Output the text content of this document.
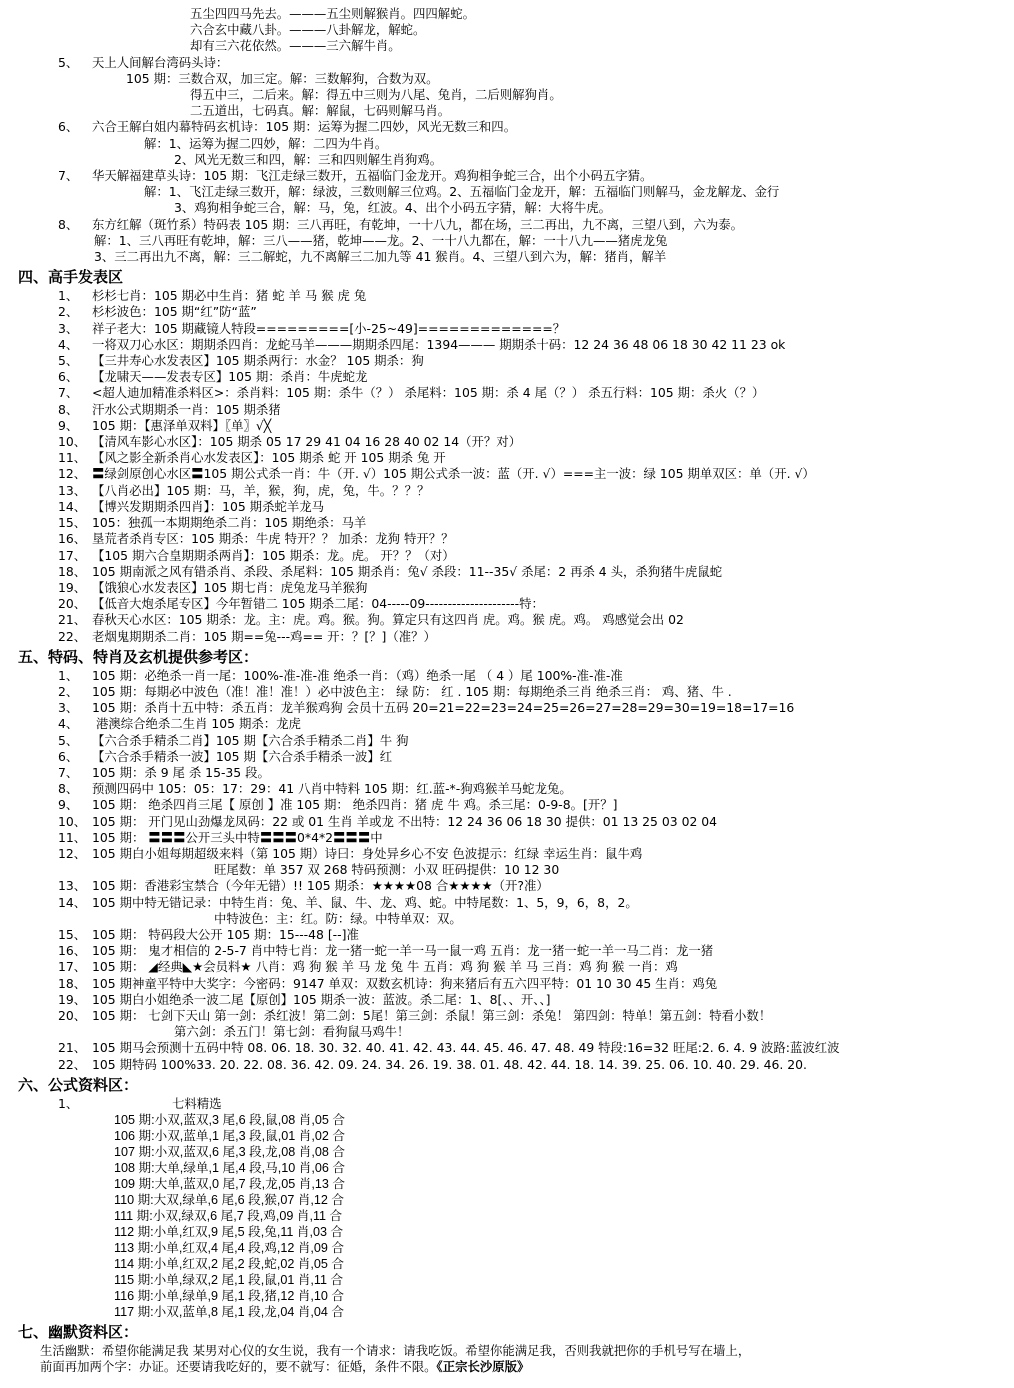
五尘四四马先去。———五尘则解猴肖。四四解蛇。
六合玄中藏八卦。———八卦解龙，解蛇。
却有三六花依然。———三六解牛肖。
5、 天上人间解台湾码头诗：
105 期：三数合双，加三定。解：三数解狗，合数为双。
得五中三，二后来。解：得五中三则为八尾、兔肖，二后则解狗肖。
二五道出，七码真。解：解鼠，七码则解马肖。
6、 六合王解白姐内幕特码玄机诗：105 期：运筹为握二四妙，风光无数三和四。
解：1、运筹为握二四妙，解：二四为牛肖。
2、风光无数三和四，解：三和四则解生肖狗鸡。
7、 华天解福建草头诗：105 期：飞江走绿三数开，五福临门金龙开。鸡狗相争蛇三合，出个小码五字猜。
解：1、飞江走绿三数开，解：绿波，三数则解三位鸡。2、五福临门金龙开，解：五福临门则解马，金龙解龙、金行
3、鸡狗相争蛇三合，解：马，兔，红波。4、出个小码五字猜，解：大将牛虎。
8、 东方红解（斑竹系）特码表 105 期：三八再旺，有乾坤，一十八九，都在场，三二再出，九不离，三望八到，六为泰。
解：1、三八再旺有乾坤，解：三八——猪，乾坤——龙。2、一十八九都在，解：一十八九——猪虎龙兔
3、三二再出九不离，解：三二解蛇，九不离解三二加九等 41 猴肖。4、三望八到六为，解：猪肖，解羊
四、高手发表区
1、 杉杉七肖：105 期必中生肖：猪 蛇 羊 马 猴 虎 兔
2、 杉杉波色：105 期“红”防“蓝”
3、 祥子老大：105 期藏镜人特段=========[小-25~49]=============？
4、 一将双刀心水区：期期杀四肖：龙蛇马羊———期期杀四尾：1394——— 期期杀十码：12 24 36 48 06 18 30 42 11 23 ok
5、 【三井寿心水发表区】105 期杀两行：水金？ 105 期杀：狗
6、 【龙啸天——发表专区】105 期：杀肖：牛虎蛇龙
7、 <超人迪加精准杀料区>：杀肖料：105 期：杀牛（？） 杀尾料：105 期：杀 4 尾（？） 杀五行料：105 期：杀火（？）
8、 汗水公式期期杀一肖：105 期杀猪
9、 105 期：【惠泽单双料】〖单〗√╳
10、 【清风车影心水区】：105 期杀 05 17 29 41 04 16 28 40 02 14（开？对）
11、 【风之影全新杀肖心水发表区】：105 期杀 蛇 开 105 期杀 兔 开
12、 〓绿剑原创心水区〓105 期公式杀一肖：牛（开. √）105 期公式杀一波：蓝（开. √）===主一波：绿 105 期单双区：单（开. √）
13、 【八肖必出】105 期：马，羊，猴，狗，虎，兔，牛。？？？
14、 【博兴发期期杀四肖】：105 期杀蛇羊龙马
15、 105：独孤一本期期绝杀二肖：105 期绝杀：马羊
16、 垦荒者杀肖专区：105 期杀：牛虎 特开？？ 加杀：龙狗 特开？？
17、 【105 期六合皇期期杀两肖】：105 期杀：龙。虎。 开？？（对）
18、 105 期南派之风有错杀肖、杀段、杀尾料：105 期杀肖：兔√ 杀段：11--35√ 杀尾：2 再杀 4 头，杀狗猪牛虎鼠蛇
19、 【饿狼心水发表区】105 期七肖：虎兔龙马羊猴狗
20、 【低音大炮杀尾专区】今年暂错二 105 期杀二尾：04-----09---------------------特：
21、 春秋天心水区：105 期杀：龙。主：虎。鸡。猴。狗。算定只有这四肖 虎。鸡。猴 虎。鸡。 鸡感觉会出 02
22、 老烟鬼期期杀二肖：105 期==兔---鸡== 开：？[？]（准？）
五、特码、特肖及玄机提供参考区：
1、 105 期：必绝杀一肖一尾：100%-准-准-准 绝杀一肖：（鸡）绝杀一尾 （ 4 ）尾 100%-准-准-准
2、 105 期：每期必中波色（准！准！准！）必中波色主： 绿 防： 红 . 105 期：每期绝杀三肖 绝杀三肖： 鸡、猪、牛 .
3、 105 期：杀肖十五中特：杀五肖：龙羊猴鸡狗 会员十五码 20=21=22=23=24=25=26=27=28=29=30=19=18=17=16
4、 港澳综合绝杀二生肖 105 期杀：龙虎
5、 【六合杀手精杀二肖】105 期【六合杀手精杀二肖】牛 狗
6、 【六合杀手精杀一波】105 期【六合杀手精杀一波】红
7、 105 期：杀 9 尾 杀 15-35 段。
8、 预测四码中 105：05：17：29：41 八肖中特料 105 期：红.蓝-*-狗鸡猴羊马蛇龙兔。
9、 105 期： 绝杀四肖三尾【 原创 】准 105 期： 绝杀四肖：猪 虎 牛 鸡。杀三尾：0-9-8。[开？]
10、 105 期： 开门见山劲爆龙凤码：22 或 01 生肖 羊或龙 不出特：12 24 36 06 18 30 提供：01 13 25 03 02 04
11、 105 期： 〓〓〓公开三头中特〓〓〓0*4*2〓〓〓中
12、 105 期白小姐每期超级来料（第 105 期）诗曰：身处异乡心不安 色波提示：红绿 幸运生肖：鼠牛鸡
旺尾数：单 357 双 268 特码预测：小双 旺码提供：10 12 30
13、 105 期：香港彩宝禁合（今年无错）!! 105 期杀：★★★★08 合★★★★（开?准）
14、 105 期中特无错记录：中特生肖：兔、羊、鼠、牛、龙、鸡、蛇。中特尾数：1、5，9，6，8，2。
中特波色：主：红。防：绿。中特单双：双。
15、 105 期： 特码段大公开 105 期：15---48 [--]准
16、 105 期： 鬼才相信的 2-5-7 肖中特七肖：龙一猪一蛇一羊一马一鼠一鸡 五肖：龙一猪一蛇一羊一马二肖：龙一猪
17、 105 期： ◢经典◣★会员料★ 八肖：鸡 狗 猴 羊 马 龙 兔 牛 五肖：鸡 狗 猴 羊 马 三肖：鸡 狗 猴 一肖：鸡
18、 105 期神童平特中大奖字：今密码：9147 单双：双数玄机诗：狗来猪后有五六四平特：01 10 30 45 生肖：鸡兔
19、 105 期白小姐绝杀一波二尾【原创】105 期杀一波：蓝波。杀二尾：1、8[、、开、、]
20、 105 期： 七剑下天山 第一剑：杀红波！第二剑：5尾！第三剑：杀鼠！第三剑：杀兔！ 第四剑：特单！第五剑：特看小数！
第六剑：杀五门！第七剑：看狗鼠马鸡牛！
21、 105 期马会预测十五码中特 08. 06. 18. 30. 32. 40. 41. 42. 43. 44. 45. 46. 47. 48. 49 特段:16=32 旺尾:2. 6. 4. 9 波路:蓝波红波
22、 105 期特码 100%33. 20. 22. 08. 36. 42. 09. 24. 34. 26. 19. 38. 01. 48. 42. 44. 18. 14. 39. 25. 06. 10. 40. 29. 46. 20.
六、公式资料区：
1、	七料精选
105 期:小双,蓝双,3 尾,6 段,鼠,08 肖,05 合
106 期:小双,蓝单,1 尾,3 段,鼠,01 肖,02 合
107 期:小双,蓝双,6 尾,3 段,龙,08 肖,08 合
108 期:大单,绿单,1 尾,4 段,马,10 肖,06 合
109 期:大单,蓝双,0 尾,7 段,龙,05 肖,13 合
110 期:大双,绿单,6 尾,6 段,猴,07 肖,12 合
111 期:小双,绿双,6 尾,7 段,鸡,09 肖,11 合
112 期:小单,红双,9 尾,5 段,兔,11 肖,03 合
113 期:小单,红双,4 尾,4 段,鸡,12 肖,09 合
114 期:小单,红双,2 尾,2 段,蛇,02 肖,05 合
115 期:小单,绿双,2 尾,1 段,鼠,01 肖,11 合
116 期:小单,绿单,9 尾,1 段,猪,12 肖,10 合
117 期:小双,蓝单,8 尾,1 段,龙,04 肖,04 合
七、幽默资料区：
生活幽默：希望你能满足我 某男对心仪的女生说，我有一个请求：请我吃饭。希望你能满足我，否则我就把你的手机号写在墙上，
前面再加两个字：办证。还要请我吃好的，要不就写：征婚，条件不限。《正宗长沙原版》
